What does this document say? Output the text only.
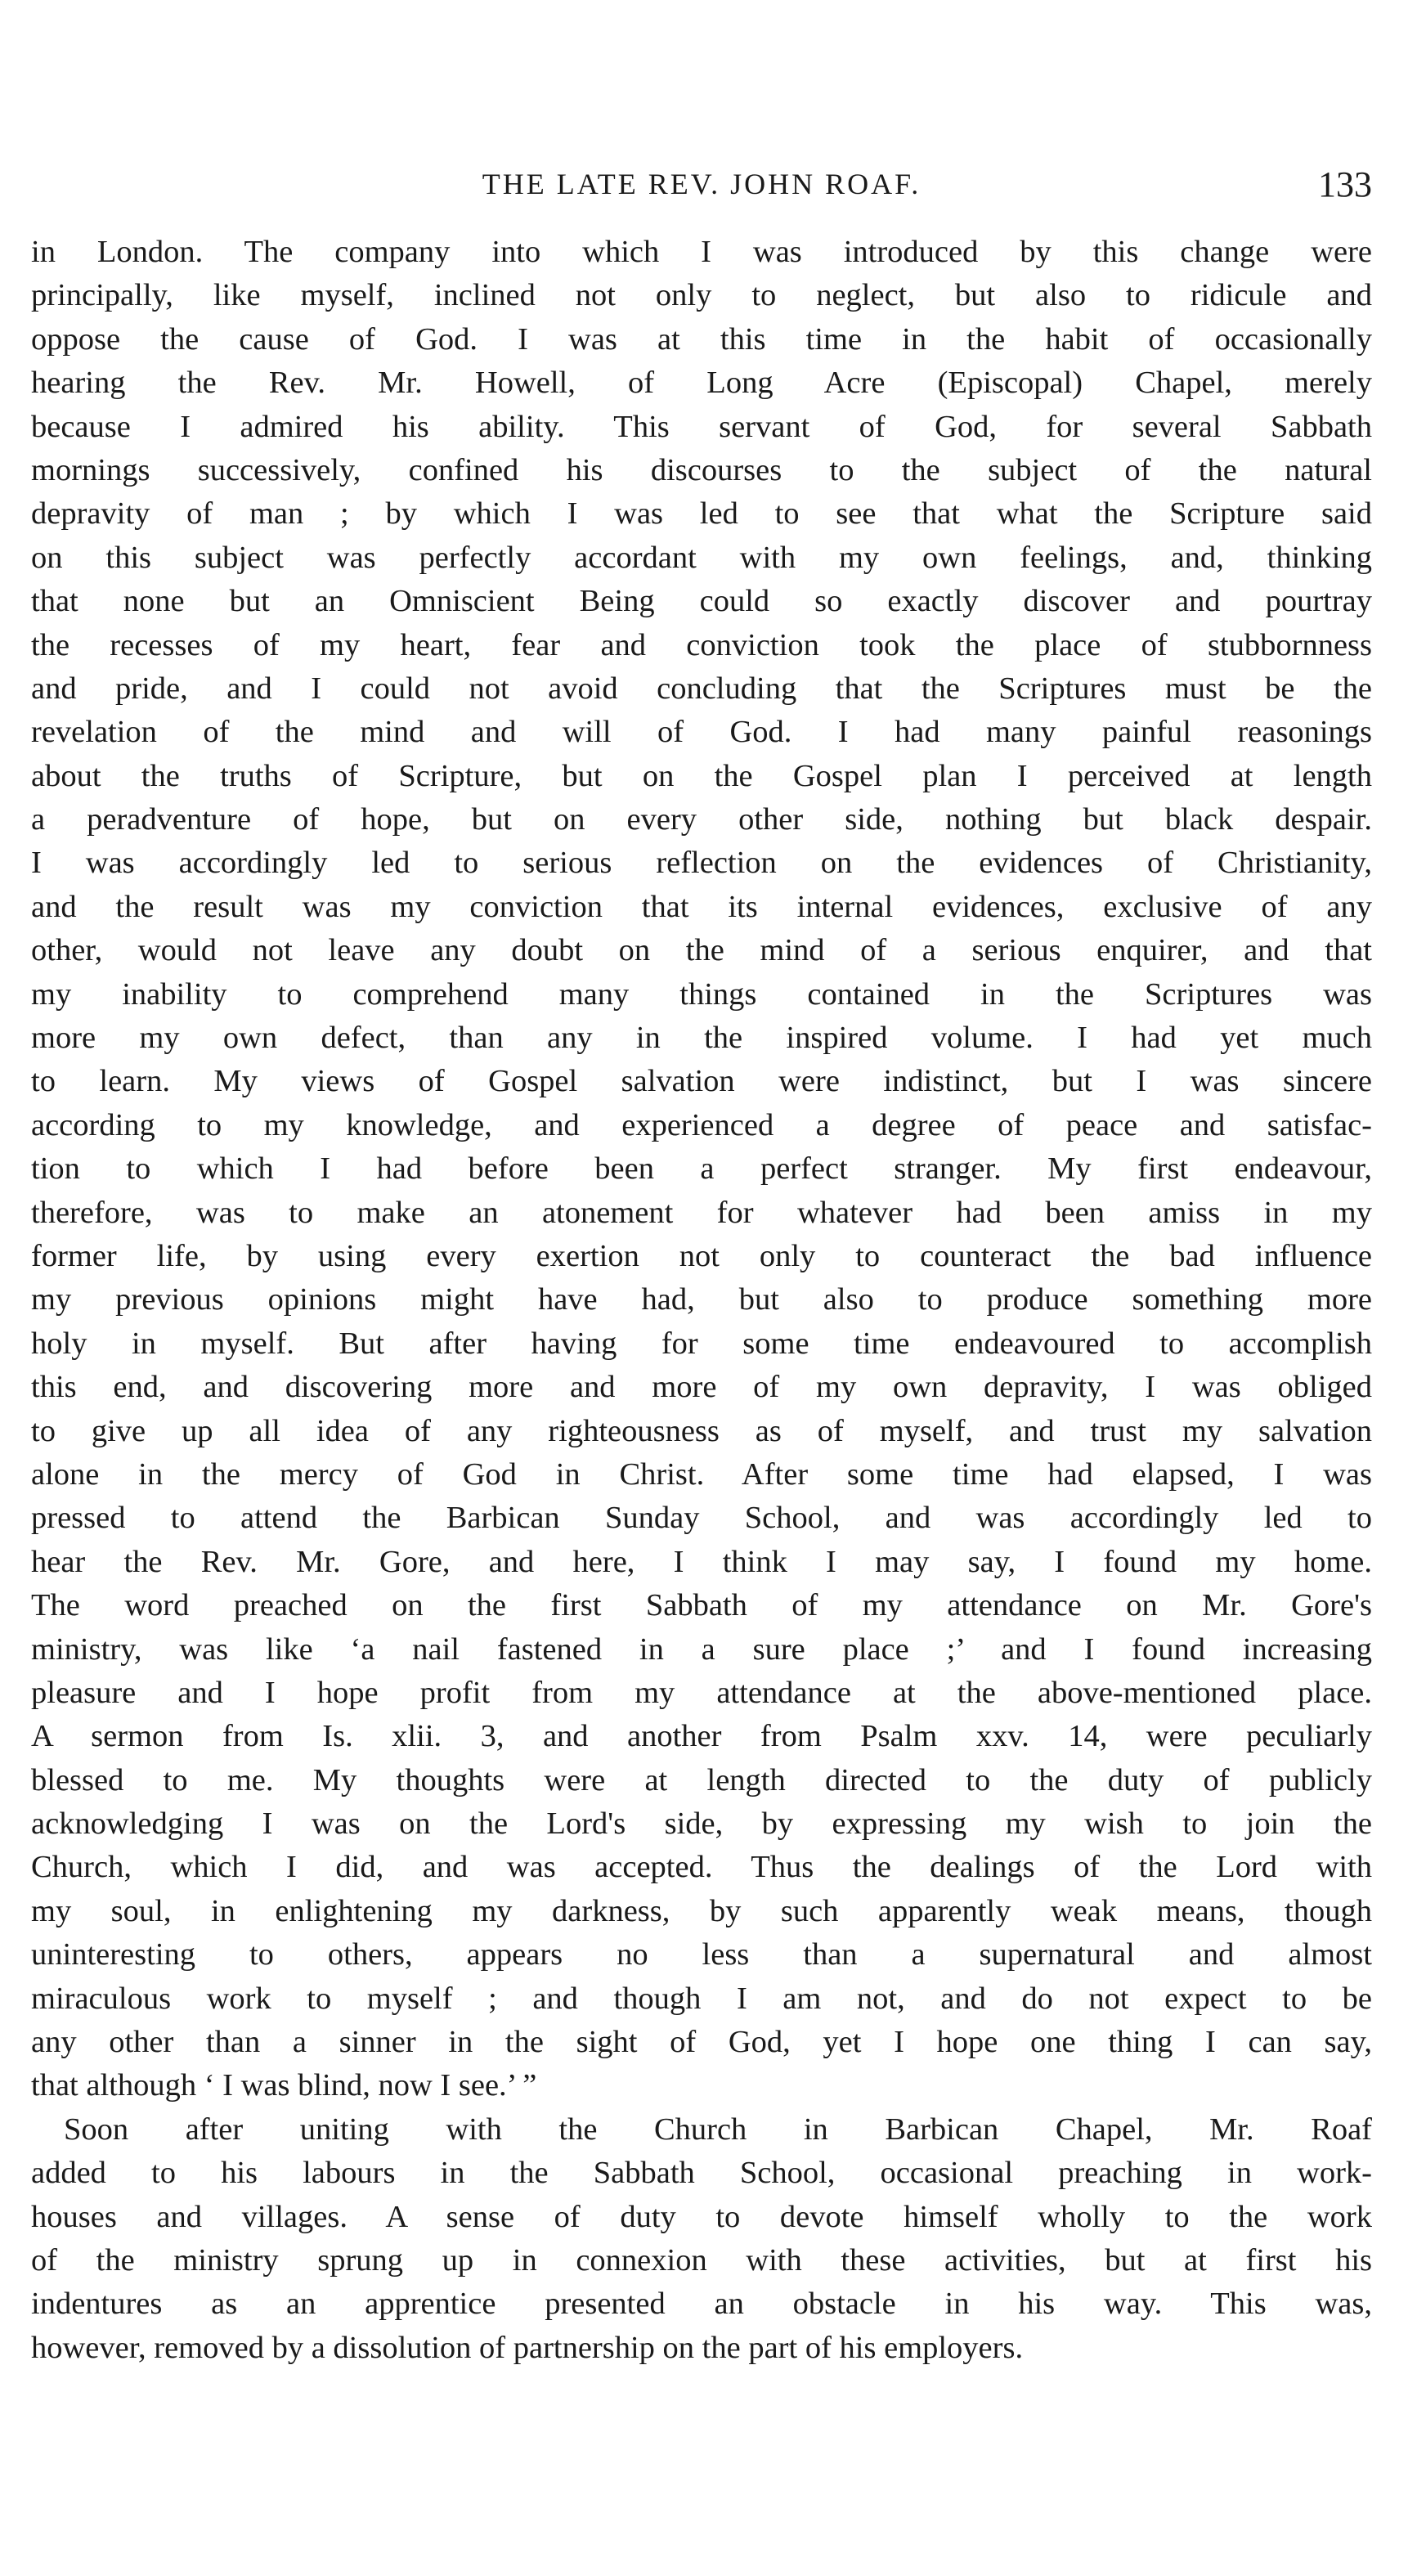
THE LATE REV. JOHN ROAF.	133
in London. The company into which I was introduced by this change were
principally, like myself, inclined not only to neglect, but also to ridicule and
oppose the cause of God. I was at this time in the habit of occasionally
hearing the Rev. Mr. Howell, of Long Acre (Episcopal) Chapel, merely
because I admired his ability. This servant of God, for several Sabbath
mornings successively, confined his discourses to the subject of the natural
depravity of man ; by which I was led to see that what the Scripture said
on this subject was perfectly accordant with my own feelings, and, thinking
that none but an Omniscient Being could so exactly discover and pourtray
the recesses of my heart, fear and conviction took the place of stubbornness
and pride, and I could not avoid concluding that the Scriptures must be the
revelation of the mind and will of God. I had many painful reasonings
about the truths of Scripture, but on the Gospel plan I perceived at length
a peradventure of hope, but on every other side, nothing but black despair.
I was accordingly led to serious reflection on the evidences of Christianity,
and the result was my conviction that its internal evidences, exclusive of any
other, would not leave any doubt on the mind of a serious enquirer, and that
my inability to comprehend many things contained in the Scriptures was
more my own defect, than any in the inspired volume. I had yet much
to learn. My views of Gospel salvation were indistinct, but I was sincere
according to my knowledge, and experienced a degree of peace and satisfac-
tion to which I had before been a perfect stranger. My first endeavour,
therefore, was to make an atonement for whatever had been amiss in my
former life, by using every exertion not only to counteract the bad influence
my previous opinions might have had, but also to produce something more
holy in myself. But after having for some time endeavoured to accomplish
this end, and discovering more and more of my own depravity, I was obliged
to give up all idea of any righteousness as of myself, and trust my salvation
alone in the mercy of God in Christ. After some time had elapsed, I was
pressed to attend the Barbican Sunday School, and was accordingly led to
hear the Rev. Mr. Gore, and here, I think I may say, I found my home.
The word preached on the first Sabbath of my attendance on Mr. Gore's
ministry, was like ‘a nail fastened in a sure place ;’ and I found increasing
pleasure and I hope profit from my attendance at the above-mentioned place.
A sermon from Is. xlii. 3, and another from Psalm xxv. 14, were peculiarly
blessed to me. My thoughts were at length directed to the duty of publicly
acknowledging I was on the Lord's side, by expressing my wish to join the
Church, which I did, and was accepted. Thus the dealings of the Lord with
my soul, in enlightening my darkness, by such apparently weak means, though
uninteresting to others, appears no less than a supernatural and almost
miraculous work to myself ; and though I am not, and do not expect to be
any other than a sinner in the sight of God, yet I hope one thing I can say,
that although ‘ I was blind, now I see.’ ”
Soon after uniting with the Church in Barbican Chapel, Mr. Roaf
added to his labours in the Sabbath School, occasional preaching in work-
houses and villages. A sense of duty to devote himself wholly to the work
of the ministry sprung up in connexion with these activities, but at first his
indentures as an apprentice presented an obstacle in his way. This was,
however, removed by a dissolution of partnership on the part of his employers.
